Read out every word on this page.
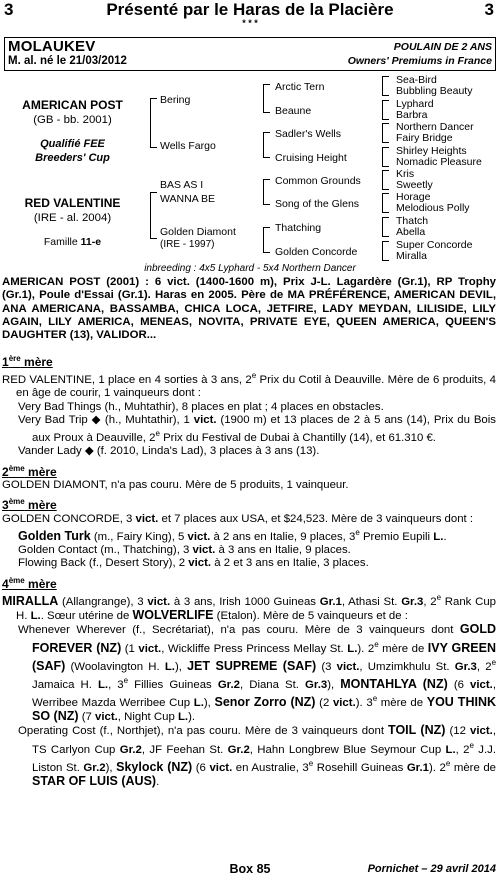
3	Présenté par le Haras de la Placière	3
* * *
MOLAUKEV
M. al. né le 21/03/2012
POULAIN DE 2 ANS
Owners' Premiums in France
AMERICAN POST
(GB - bb. 2001)
Qualifié FEE
Breeders' Cup
RED VALENTINE
(IRE - al. 2004)
Famille 11-e
Bering
Wells Fargo
BAS AS I
WANNA BE
Golden Diamont
(IRE - 1997)
Arctic Tern
Beaune
Sadler's Wells
Cruising Height
Common Grounds
Song of the Glens
Thatching
Golden Concorde
Sea-Bird
Bubbling Beauty
Lyphard
Barbra
Northern Dancer
Fairy Bridge
Shirley Heights
Nomadic Pleasure
Kris
Sweetly
Horage
Melodious Polly
Thatch
Abella
Super Concorde
Miralla
inbreeding : 4x5 Lyphard - 5x4 Northern Dancer
AMERICAN POST (2001) : 6 vict. (1400-1600 m), Prix J-L. Lagardère (Gr.1), RP Trophy (Gr.1), Poule d'Essai (Gr.1). Haras en 2005. Père de MA PRÉFÉRENCE, AMERICAN DEVIL, ANA AMERICANA, BASSAMBA, CHICA LOCA, JETFIRE, LADY MEYDAN, LILISIDE, LILY AGAIN, LILY AMERICA, MENEAS, NOVITA, PRIVATE EYE, QUEEN AMERICA, QUEEN'S DAUGHTER (13), VALIDOR...
1ère mère

RED VALENTINE, 1 place en 4 sorties à 3 ans, 2e Prix du Cotil à Deauville. Mère de 6 produits, 4 en âge de courir, 1 vainqueurs dont :

Very Bad Things (h., Muhtathir), 8 places en plat ; 4 places en obstacles.

Very Bad Trip ◆ (h., Muhtathir), 1 vict. (1900 m) et 13 places de 2 à 5 ans (14), Prix du Bois aux Proux à Deauville, 2e Prix du Festival de Dubai à Chantilly (14), et 61.310 €.

Vander Lady ◆ (f. 2010, Linda's Lad), 3 places à 3 ans (13).

2ème mère

GOLDEN DIAMONT, n'a pas couru. Mère de 5 produits, 1 vainqueur.

3ème mère

GOLDEN CONCORDE, 3 vict. et 7 places aux USA, et $24,523. Mère de 3 vainqueurs dont :

Golden Turk (m., Fairy King), 5 vict. à 2 ans en Italie, 9 places, 3e Premio Eupili L..

Golden Contact (m., Thatching), 3 vict. à 3 ans en Italie, 9 places.

Flowing Back (f., Desert Story), 2 vict. à 2 et 3 ans en Italie, 3 places.

4ème mère

MIRALLA (Allangrange), 3 vict. à 3 ans, Irish 1000 Guineas Gr.1, Athasi St. Gr.3, 2e Rank Cup H. L.. Sœur utérine de WOLVERLIFE (Etalon). Mère de 5 vainqueurs et de :

Whenever Wherever (f., Secrétariat), n'a pas couru. Mère de 3 vainqueurs dont GOLD FOREVER (NZ) (1 vict., Wickliffe Press Princess Mellay St. L.). 2e mère de IVY GREEN (SAF) (Woolavington H. L.), JET SUPREME (SAF) (3 vict., Umzimkhulu St. Gr.3, 2e Jamaica H. L., 3e Fillies Guineas Gr.2, Diana St. Gr.3), MONTAHLYA (NZ) (6 vict., Werribee Mazda Werribee Cup L.), Senor Zorro (NZ) (2 vict.). 3e mère de YOU THINK SO (NZ) (7 vict., Night Cup L.).

Operating Cost (f., Northjet), n'a pas couru. Mère de 3 vainqueurs dont TOIL (NZ) (12 vict., TS Carlyon Cup Gr.2, JF Feehan St. Gr.2, Hahn Longbrew Blue Seymour Cup L., 2e J.J. Liston St. Gr.2), Skylock (NZ) (6 vict. en Australie, 3e Rosehill Guineas Gr.1). 2e mère de STAR OF LUIS (AUS).

Box 85	Pornichet – 29 avril 2014
